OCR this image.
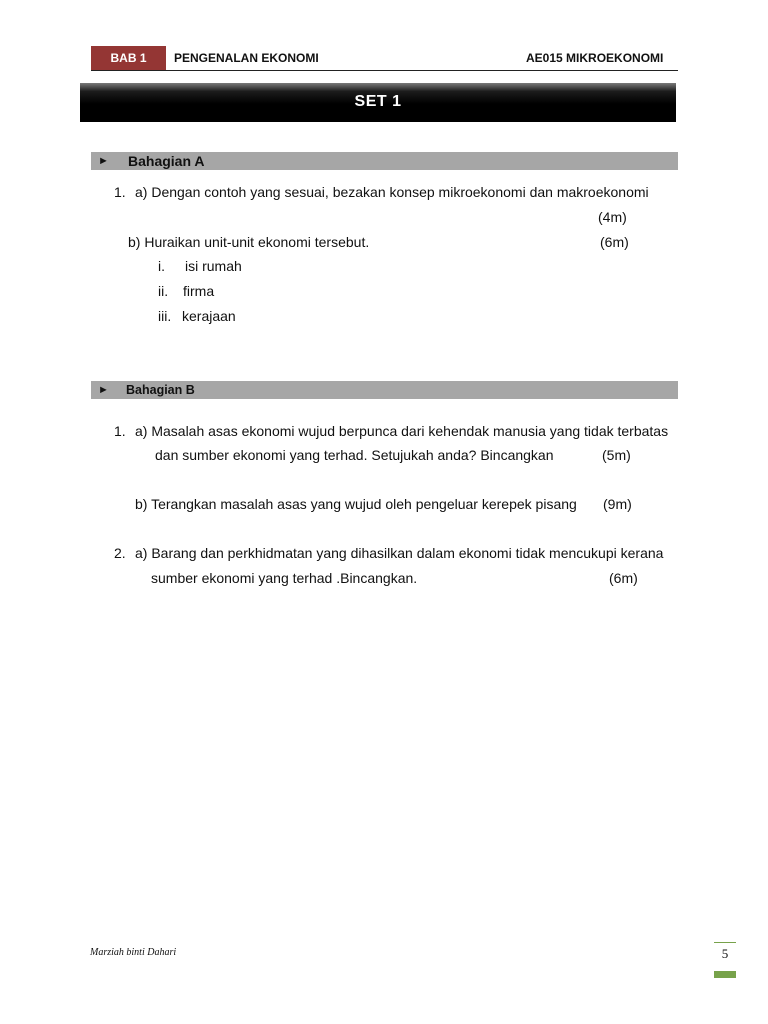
BAB 1	PENGENALAN EKONOMI	AE015 MIKROEKONOMI
SET 1
►	Bahagian A
1. a) Dengan contoh yang sesuai, bezakan konsep mikroekonomi dan makroekonomi
(4m)
b) Huraikan unit-unit ekonomi tersebut.	(6m)
i. isi rumah
ii. firma
iii. kerajaan
►	Bahagian B
1. a) Masalah asas ekonomi wujud berpunca dari kehendak manusia yang tidak terbatas
dan sumber ekonomi yang terhad. Setujukah anda? Bincangkan	(5m)
b) Terangkan masalah asas yang wujud oleh pengeluar kerepek pisang (9m)
2. a) Barang dan perkhidmatan yang dihasilkan dalam ekonomi tidak mencukupi kerana
sumber ekonomi yang terhad .Bincangkan.	(6m)
Marziah binti Dahari	5
